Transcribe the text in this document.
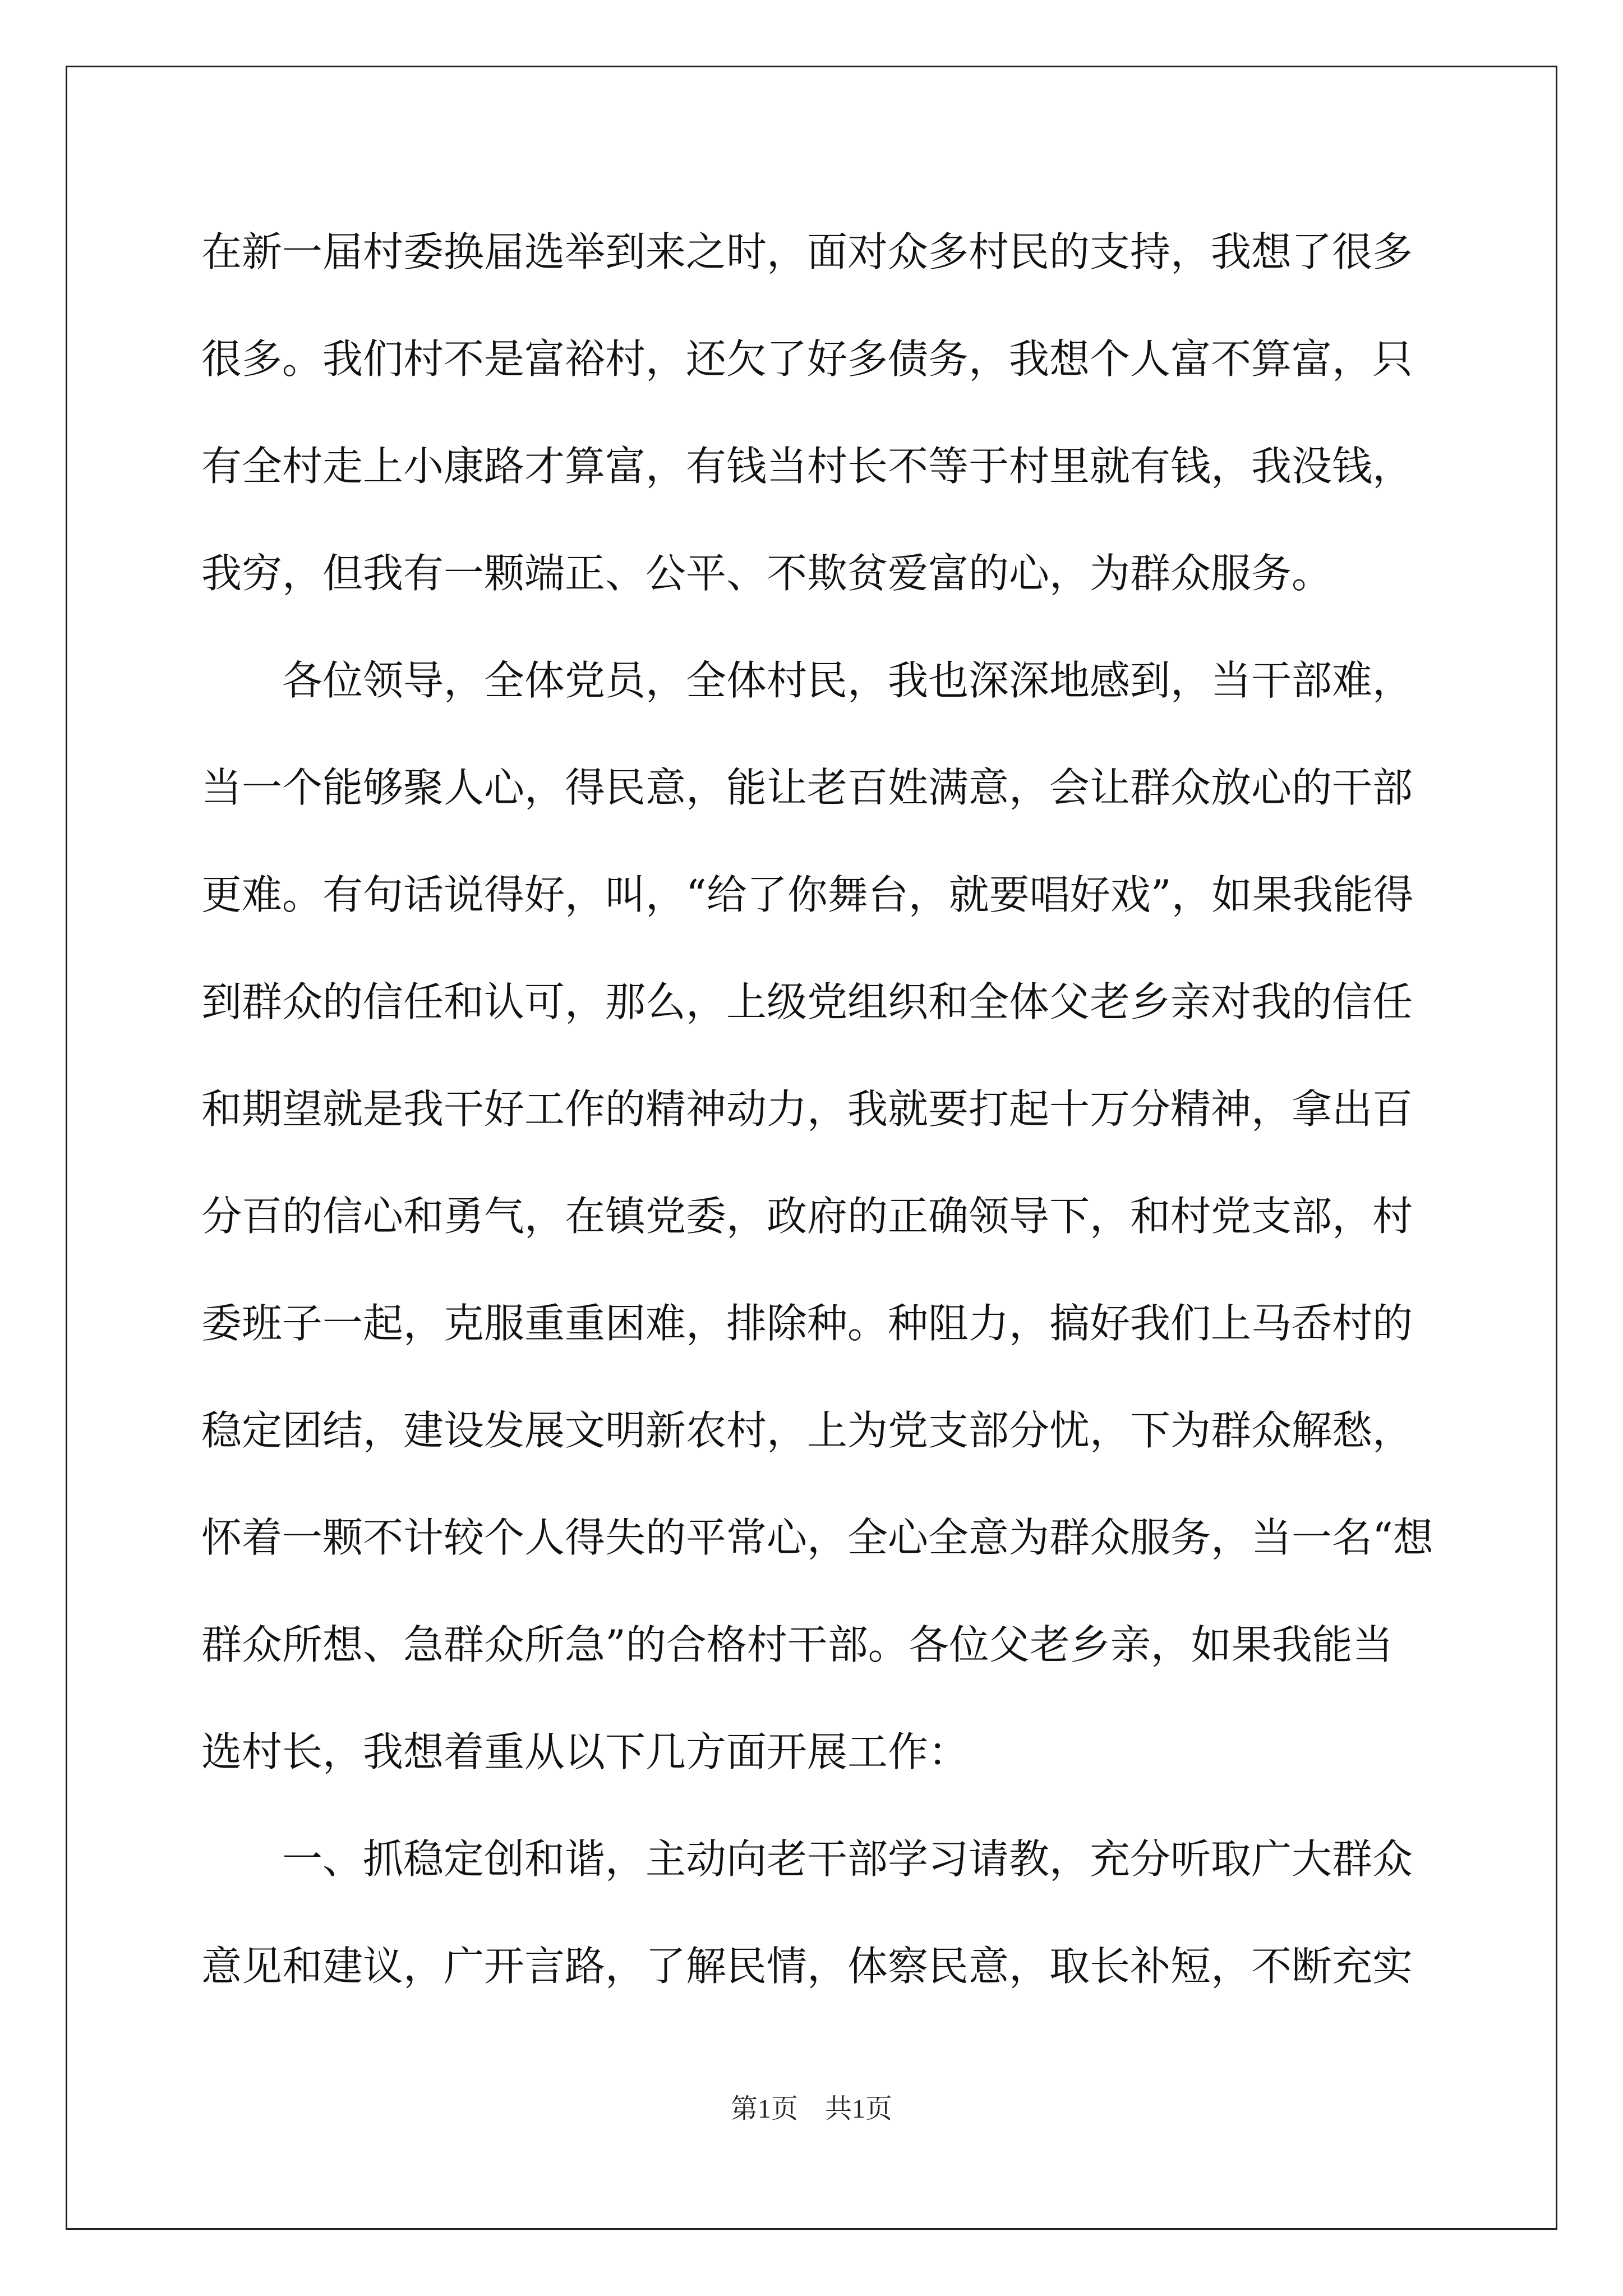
在新一届村委换届选举到来之时，面对众多村民的支持，我想了很多
很多。我们村不是富裕村，还欠了好多债务，我想个人富不算富，只
有全村走上小康路才算富，有钱当村长不等于村里就有钱，我没钱，
我穷，但我有一颗端正、公平、不欺贫爱富的心，为群众服务。
　　各位领导，全体党员，全体村民，我也深深地感到，当干部难，
当一个能够聚人心，得民意，能让老百姓满意，会让群众放心的干部
更难。有句话说得好，叫，“给了你舞台，就要唱好戏”，如果我能得
到群众的信任和认可，那么，上级党组织和全体父老乡亲对我的信任
和期望就是我干好工作的精神动力，我就要打起十万分精神，拿出百
分百的信心和勇气，在镇党委，政府的正确领导下，和村党支部，村
委班子一起，克服重重困难，排除种。种阻力，搞好我们上马岙村的
稳定团结，建设发展文明新农村，上为党支部分忧，下为群众解愁，
怀着一颗不计较个人得失的平常心，全心全意为群众服务，当一名“想
群众所想、急群众所急”的合格村干部。各位父老乡亲，如果我能当
选村长，我想着重从以下几方面开展工作：
　　一、抓稳定创和谐，主动向老干部学习请教，充分听取广大群众
意见和建议，广开言路，了解民情，体察民意，取长补短，不断充实
第1页　共1页
